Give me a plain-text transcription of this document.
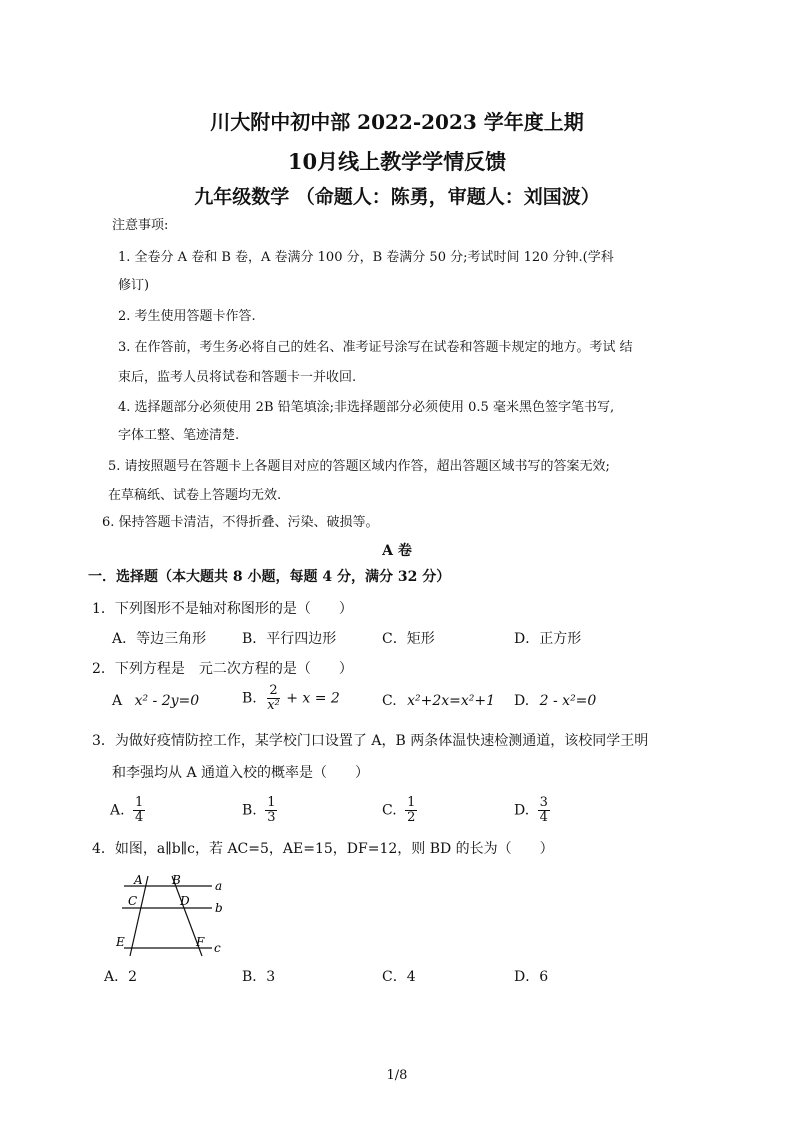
川大附中初中部 2022-2023 学年度上期
10月线上教学学情反馈
九年级数学 （命题人：陈勇，审题人：刘国波）
注意事项:
1. 全卷分 A 卷和 B 卷，A 卷满分 100 分，B 卷满分 50 分;考试时间 120 分钟.(学科
修订)
2. 考生使用答题卡作答.
3. 在作答前，考生务必将自己的姓名、准考证号涂写在试卷和答题卡规定的地方。考试 结
束后，监考人员将试卷和答题卡一并收回.
4. 选择题部分必须使用 2B 铅笔填涂;非选择题部分必须使用 0.5 毫米黑色签字笔书写,
字体工整、笔迹清楚.
5. 请按照题号在答题卡上各题目对应的答题区域内作答，超出答题区域书写的答案无效;
在草稿纸、试卷上答题均无效.
6. 保持答题卡清洁，不得折叠、污染、破损等。
A 卷
一．选择题（本大题共 8 小题，每题 4 分，满分 32 分）
1．下列图形不是轴对称图形的是（　　）
A．等边三角形	B．平行四边形	C．矩形	D．正方形
2．下列方程是　元二次方程的是（　　）
A x² - 2y=0	B. $\frac{2}{\text{x²}} + x = 2$	C. x²+2x=x²+1 D. 2 - x²=0
3．为做好疫情防控工作，某学校门口设置了 A，B 两条体温快速检测通道，该校同学王明
和李强均从 A 通道入校的概率是（　　）
A. $\frac{1}{4}$	B. $\frac{1}{3}$	C. $\frac{1}{2}$	D. $\frac{3}{4}$
4．如图，a∥b∥c，若 AC=5，AE=15，DF=12，则 BD 的长为（　　）
A B
C	D
E	F
a
b
c
A．2	B．3	C．4	D．6
1/8
